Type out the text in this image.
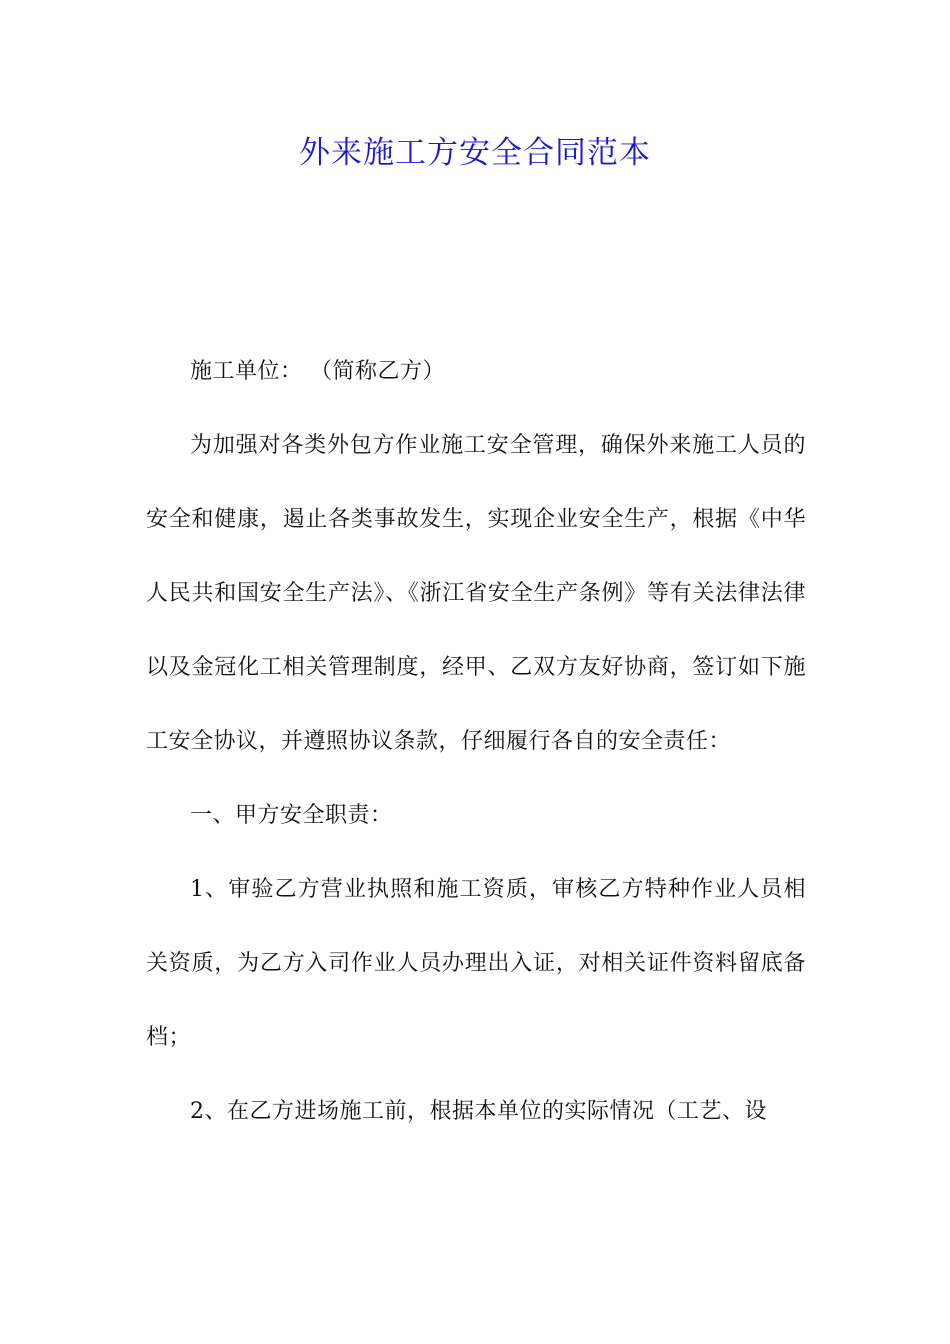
外来施工方安全合同范本

施工单位： （简称乙方）

为加强对各类外包方作业施工安全管理，确保外来施工人员的安全和健康，遏止各类事故发生，实现企业安全生产，根据《中华人民共和国安全生产法》、《浙江省安全生产条例》等有关法律法律以及金冠化工相关管理制度，经甲、乙双方友好协商，签订如下施工安全协议，并遵照协议条款，仔细履行各自的安全责任：

一、甲方安全职责：

1、审验乙方营业执照和施工资质，审核乙方特种作业人员相关资质，为乙方入司作业人员办理出入证，对相关证件资料留底备档；

2、在乙方进场施工前，根据本单位的实际情况（工艺、设
